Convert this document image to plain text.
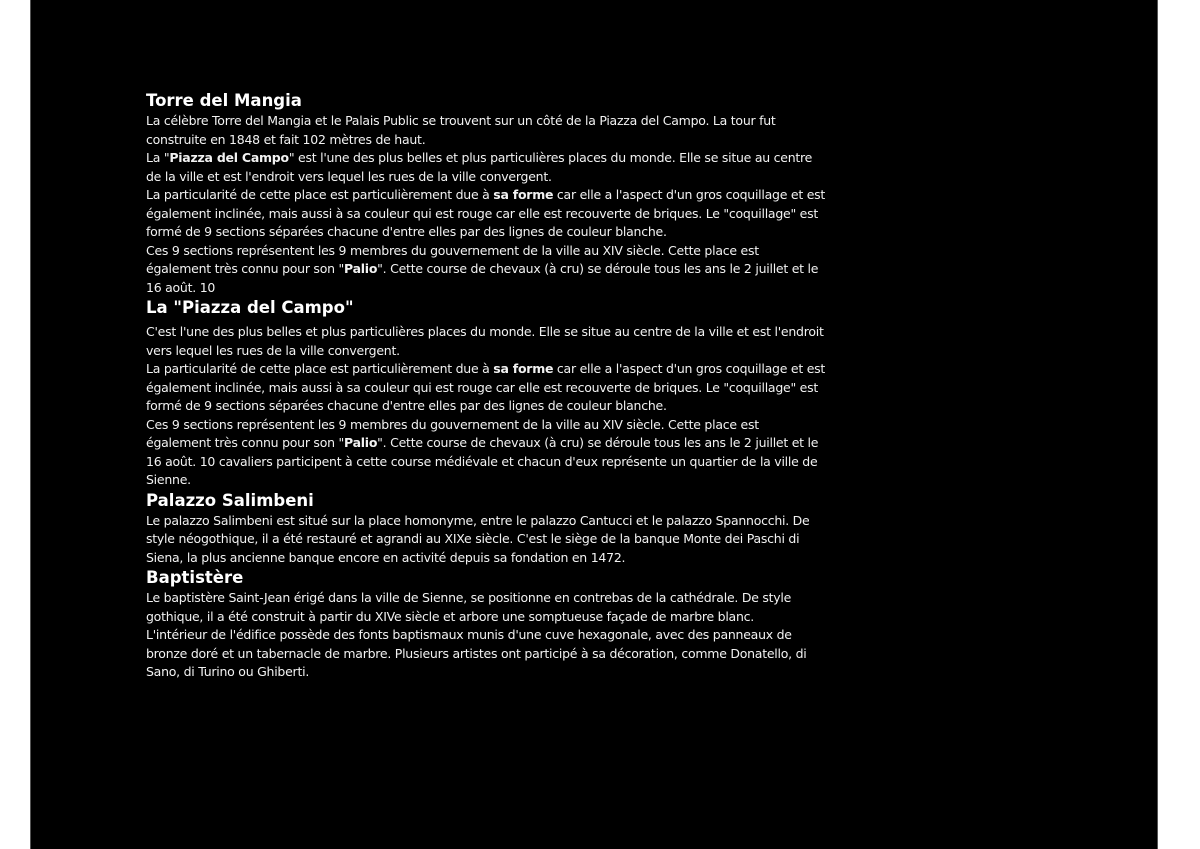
Torre del Mangia

La célèbre Torre del Mangia et le Palais Public se trouvent sur un côté de la Piazza del Campo. La tour fut construite en 1848 et fait 102 mètres de haut.

La "Piazza del Campo" est l'une des plus belles et plus particulières places du monde. Elle se situe au centre de la ville et est l'endroit vers lequel les rues de la ville convergent.

La particularité de cette place est particulièrement due à sa forme car elle a l'aspect d'un gros coquillage et est également inclinée, mais aussi à sa couleur qui est rouge car elle est recouverte de briques. Le "coquillage" est formé de 9 sections séparées chacune d'entre elles par des lignes de couleur blanche.

Ces 9 sections représentent les 9 membres du gouvernement de la ville au XIV siècle. Cette place est également très connu pour son "Palio". Cette course de chevaux (à cru) se déroule tous les ans le 2 juillet et le 16 août. 10

La "Piazza del Campo"

C'est l'une des plus belles et plus particulières places du monde. Elle se situe au centre de la ville et est l'endroit vers lequel les rues de la ville convergent.

La particularité de cette place est particulièrement due à sa forme car elle a l'aspect d'un gros coquillage et est également inclinée, mais aussi à sa couleur qui est rouge car elle est recouverte de briques. Le "coquillage" est formé de 9 sections séparées chacune d'entre elles par des lignes de couleur blanche.

Ces 9 sections représentent les 9 membres du gouvernement de la ville au XIV siècle. Cette place est également très connu pour son "Palio". Cette course de chevaux (à cru) se déroule tous les ans le 2 juillet et le 16 août. 10 cavaliers participent à cette course médiévale et chacun d'eux représente un quartier de la ville de Sienne.

Palazzo Salimbeni

Le palazzo Salimbeni est situé sur la place homonyme, entre le palazzo Cantucci et le palazzo Spannocchi. De style néogothique, il a été restauré et agrandi au XIXe siècle. C'est le siège de la banque Monte dei Paschi di Siena, la plus ancienne banque encore en activité depuis sa fondation en 1472.

Baptistère

Le baptistère Saint-Jean érigé dans la ville de Sienne, se positionne en contrebas de la cathédrale. De style gothique, il a été construit à partir du XIVe siècle et arbore une somptueuse façade de marbre blanc.

L'intérieur de l'édifice possède des fonts baptismaux munis d'une cuve hexagonale, avec des panneaux de bronze doré et un tabernacle de marbre. Plusieurs artistes ont participé à sa décoration, comme Donatello, di Sano, di Turino ou Ghiberti.
